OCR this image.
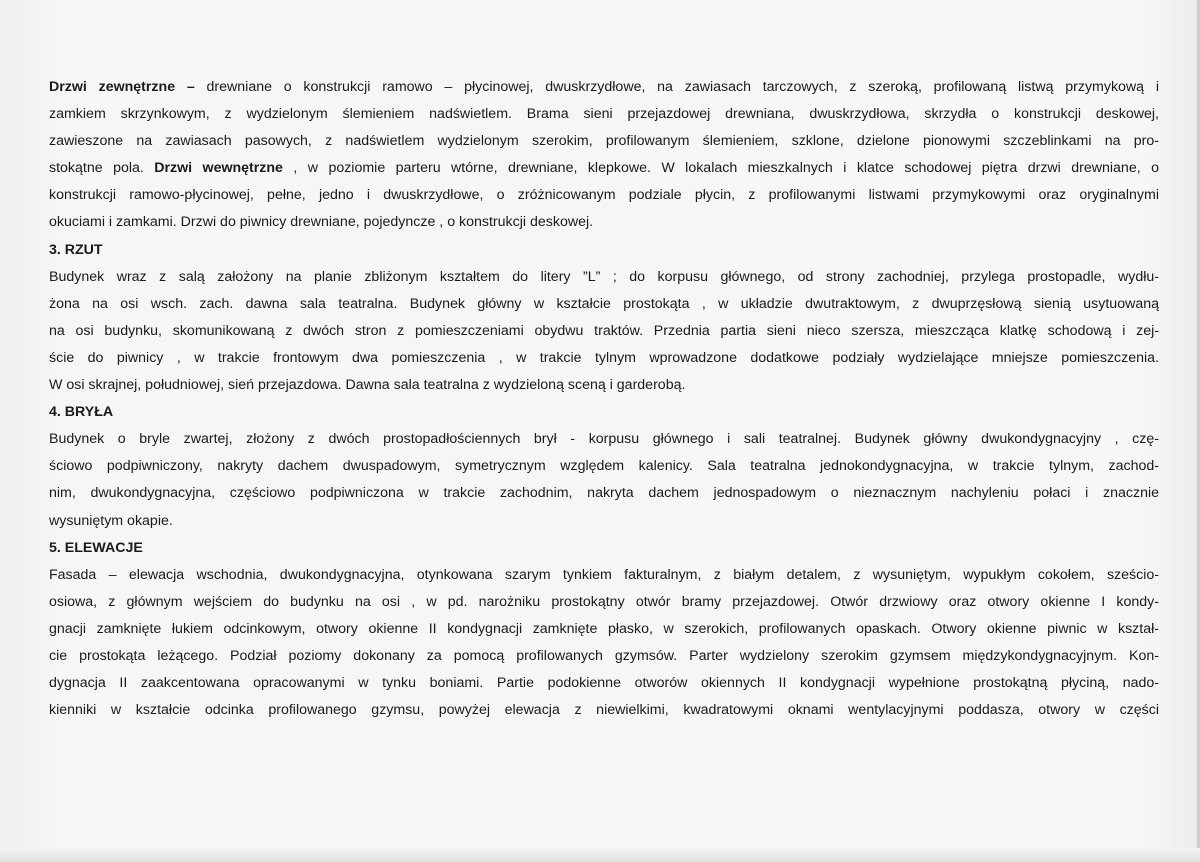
Drzwi zewnętrzne – drewniane o konstrukcji ramowo – płycinowej, dwuskrzydłowe, na zawiasach tarczowych, z szeroką, profilowaną listwą przymykową i
zamkiem skrzynkowym, z wydzielonym ślemieniem nadświetlem. Brama sieni przejazdowej drewniana, dwuskrzydłowa, skrzydła o konstrukcji deskowej,
zawieszone na zawiasach pasowych, z nadświetlem wydzielonym szerokim, profilowanym ślemieniem, szklone, dzielone pionowymi szczeblinkami na pro-
stokątne pola. Drzwi wewnętrzne , w poziomie parteru wtórne, drewniane, klepkowe. W lokalach mieszkalnych i klatce schodowej piętra drzwi drewniane, o
konstrukcji ramowo-płycinowej, pełne, jedno i dwuskrzydłowe, o zróżnicowanym podziale płycin, z profilowanymi listwami przymykowymi oraz oryginalnymi
okuciami i zamkami. Drzwi do piwnicy drewniane, pojedyncze , o konstrukcji deskowej.
3. RZUT
Budynek wraz z salą założony na planie zbliżonym kształtem do litery ”L” ; do korpusu głównego, od strony zachodniej, przylega prostopadle, wydłu-
żona na osi wsch. zach. dawna sala teatralna. Budynek główny w kształcie prostokąta , w układzie dwutraktowym, z dwuprzęsłową sienią usytuowaną
na osi budynku, skomunikowaną z dwóch stron z pomieszczeniami obydwu traktów. Przednia partia sieni nieco szersza, mieszcząca klatkę schodową i zej-
ście do piwnicy , w trakcie frontowym dwa pomieszczenia , w trakcie tylnym wprowadzone dodatkowe podziały wydzielające mniejsze pomieszczenia.
W osi skrajnej, południowej, sień przejazdowa. Dawna sala teatralna z wydzieloną sceną i garderobą.
4. BRYŁA
Budynek o bryle zwartej, złożony z dwóch prostopadłościennych brył - korpusu głównego i sali teatralnej. Budynek główny dwukondygnacyjny , czę-
ściowo podpiwniczony, nakryty dachem dwuspadowym, symetrycznym względem kalenicy. Sala teatralna jednokondygnacyjna, w trakcie tylnym, zachod-
nim, dwukondygnacyjna, częściowo podpiwniczona w trakcie zachodnim, nakryta dachem jednospadowym o nieznacznym nachyleniu połaci i znacznie
wysuniętym okapie.
5. ELEWACJE
Fasada – elewacja wschodnia, dwukondygnacyjna, otynkowana szarym tynkiem fakturalnym, z białym detalem, z wysuniętym, wypukłym cokołem, sześcio-
osiowa, z głównym wejściem do budynku na osi , w pd. narożniku prostokątny otwór bramy przejazdowej. Otwór drzwiowy oraz otwory okienne I kondy-
gnacji zamknięte łukiem odcinkowym, otwory okienne II kondygnacji zamknięte płasko, w szerokich, profilowanych opaskach. Otwory okienne piwnic w kształ-
cie prostokąta leżącego. Podział poziomy dokonany za pomocą profilowanych gzymsów. Parter wydzielony szerokim gzymsem międzykondygnacyjnym. Kon-
dygnacja II zaakcentowana opracowanymi w tynku boniami. Partie podokienne otworów okiennych II kondygnacji wypełnione prostokątną płyciną, nado-
kienniki w kształcie odcinka profilowanego gzymsu, powyżej elewacja z niewielkimi, kwadratowymi oknami wentylacyjnymi poddasza, otwory w części
